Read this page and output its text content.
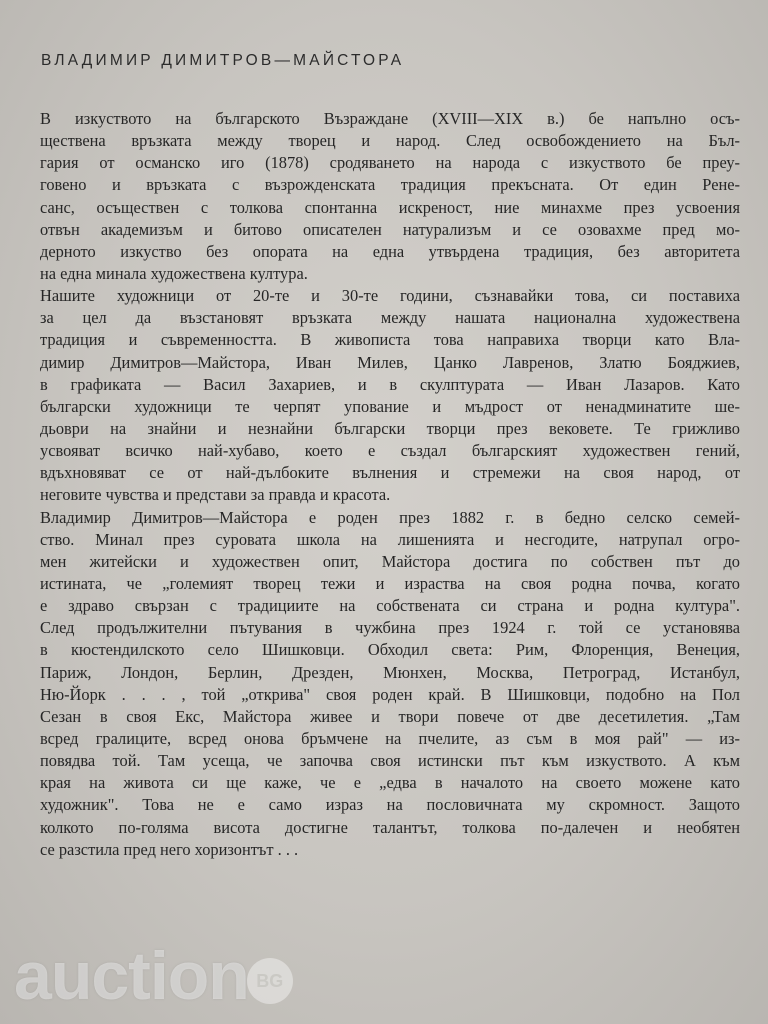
ВЛАДИМИР ДИМИТРОВ—МАЙСТОРА
В изкуството на българското Възраждане (XVIII—XIX в.) бе напълно осъ-
ществена връзката между творец и народ. След освобождението на Бъл-
гария от османско иго (1878) сродяването на народа с изкуството бе преу-
говено и връзката с възрожденската традиция прекъсната. От един Ренe-
санс, осъществен с толкова спонтанна искреност, ние минахме през усвоения
отвън академизъм и битово описателен натурализъм и се озовахме пред мо-
дерното изкуство без опората на една утвърдена традиция, без авторитета
на една минала художествена култура.
Нашите художници от 20-те и 30-те години, съзнавайки това, си поставиха
за цел да възстановят връзката между нашата национална художествена
традиция и съвременността. В живописта това направиха творци като Вла-
димир Димитров—Майстора, Иван Милев, Цанко Лавренов, Златю Бояджиев,
в графиката — Васил Захариев, и в скулптурата — Иван Лазаров. Като
български художници те черпят упование и мъдрост от ненадминатите ше-
дьоври на знайни и незнайни български творци през вековете. Те грижливо
усвояват всичко най-хубаво, което е създал българският художествен гений,
вдъхновяват се от най-дълбоките вълнения и стремежи на своя народ, от
неговите чувства и представи за правда и красота.
Владимир Димитров—Майстора е роден през 1882 г. в бедно селско семей-
ство. Минал през суровата школа на лишенията и несгодите, натрупал огро-
мен житейски и художествен опит, Майстора достига по собствен път до
истината, че „големият творец тежи и израства на своя родна почва, когато
е здраво свързан с традициите на собствената си страна и родна култура".
След продължителни пътувания в чужбина през 1924 г. той се установява
в кюстендилското село Шишковци. Обходил света: Рим, Флоренция, Венеция,
Париж, Лондон, Берлин, Дрезден, Мюнхен, Москва, Петроград, Истанбул,
Ню-Йорк . . . , той „открива" своя роден край. В Шишковци, подобно на Пол
Сезан в своя Екс, Майстора живее и твори повече от две десетилетия. „Там
всред гралиците, всред онова бръмчене на пчелите, аз съм в моя рай" — из-
повядва той. Там усеща, че започва своя истински път към изкуството. А към
края на живота си ще каже, че е „едва в началото на своето можене като
художник". Това не е само израз на пословичната му скромност. Защото
колкото по-голяма висота достигне талантът, толкова по-далечен и необятен
се разстила пред него хоризонтът . . .
auction BG
